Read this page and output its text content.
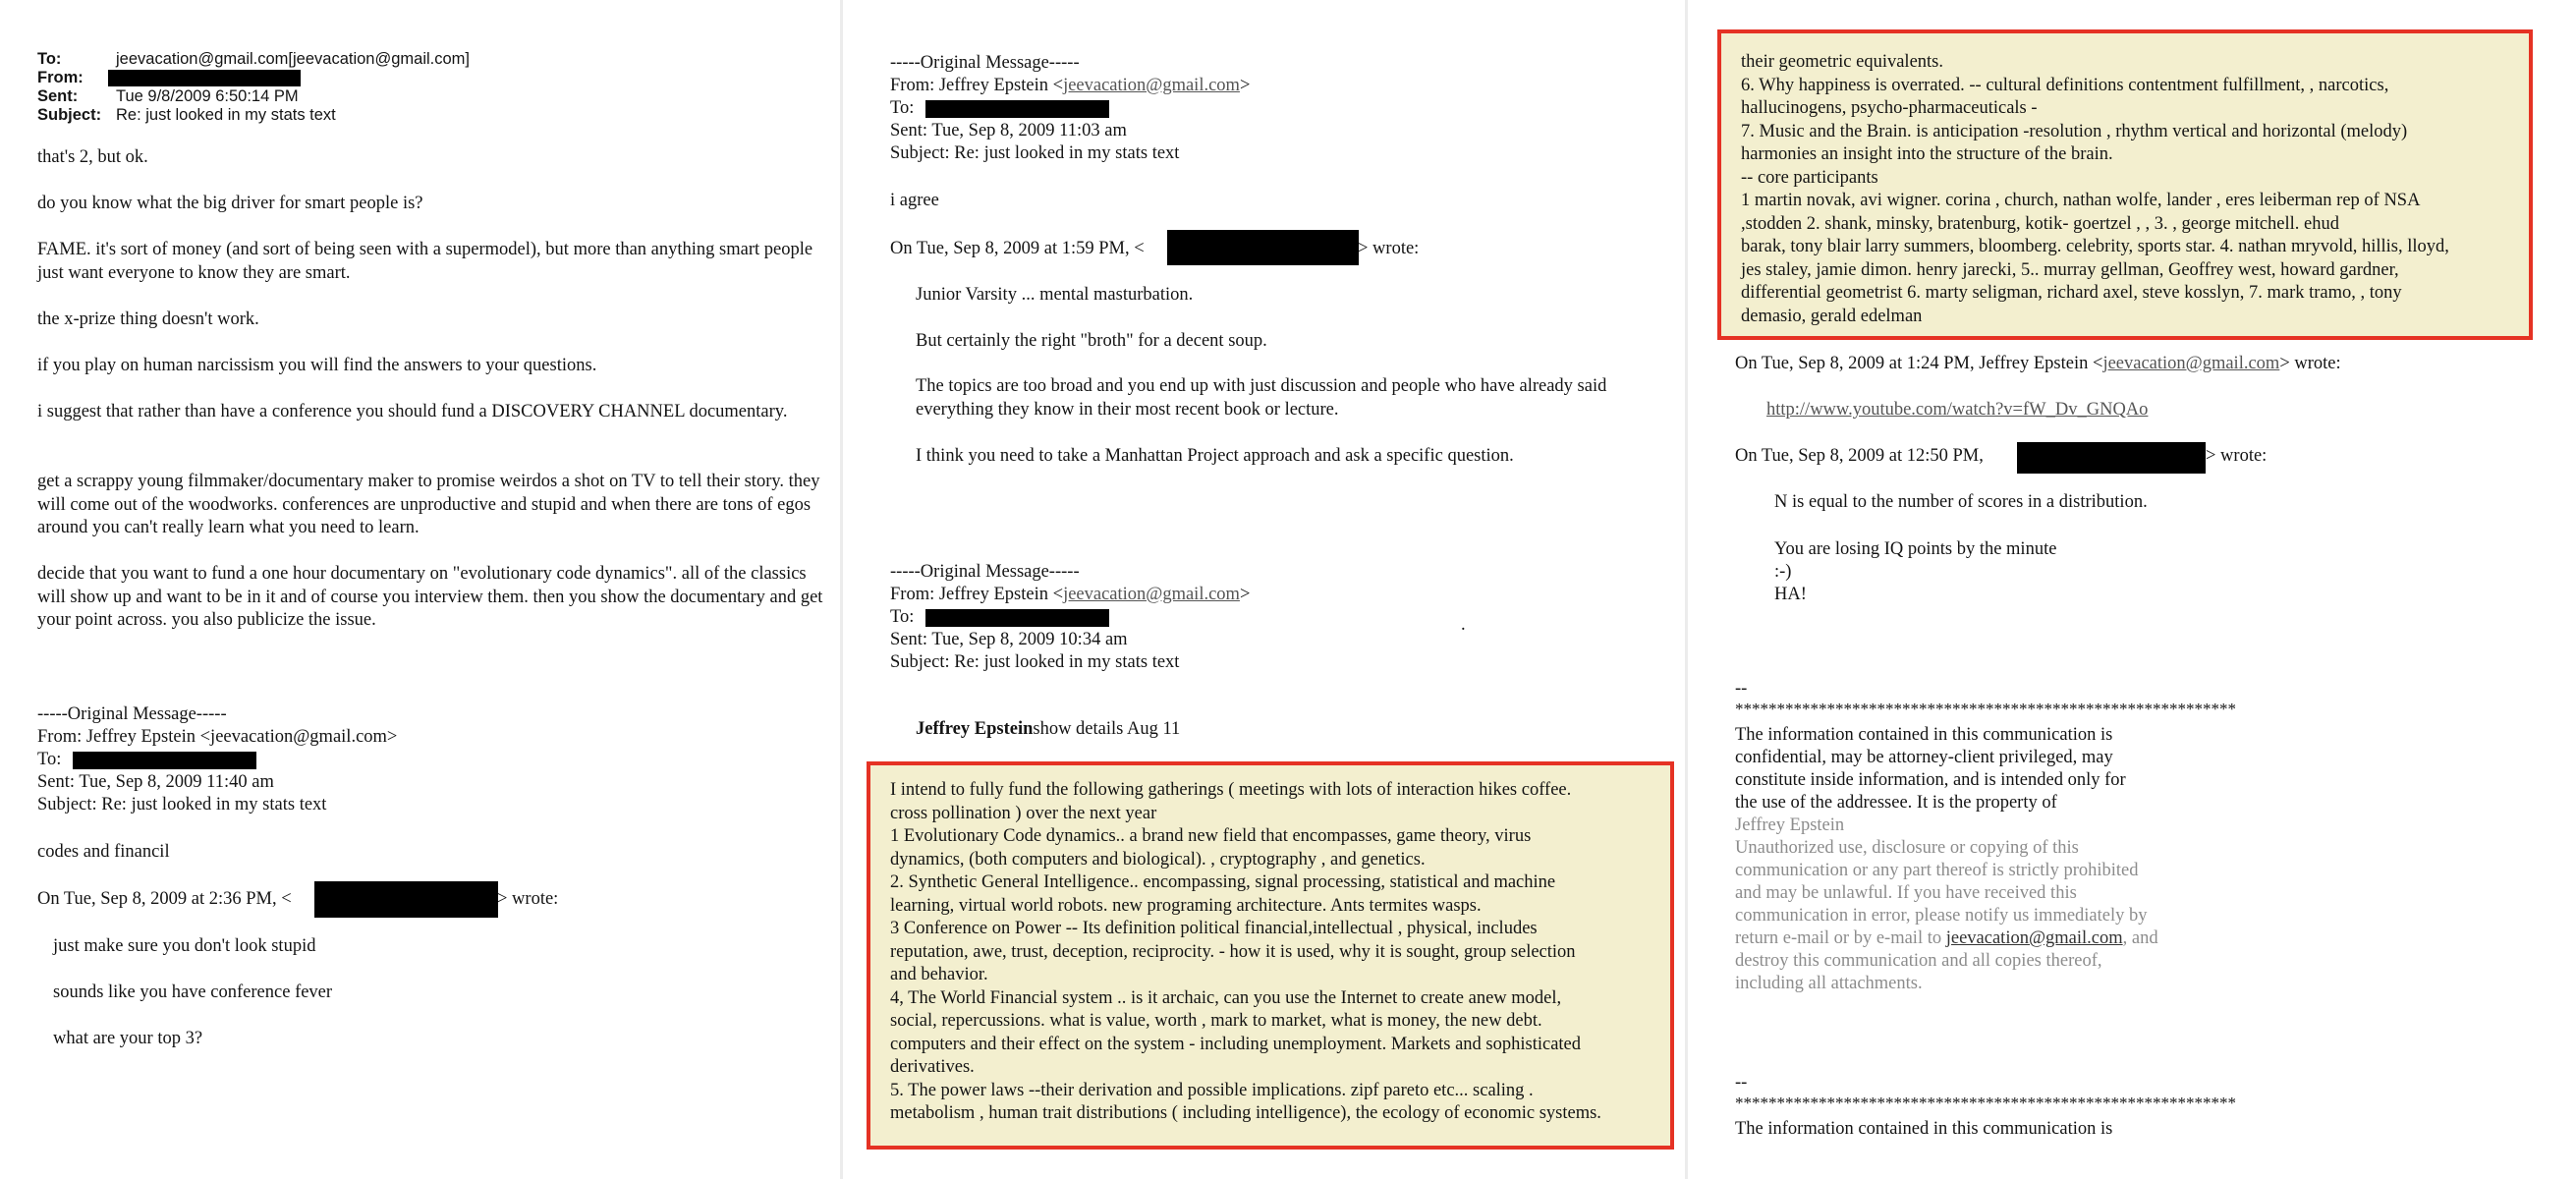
To:	jeevacation@gmail.com[jeevacation@gmail.com]
From:
Sent: Tue 9/8/2009 6:50:14 PM
Subject: Re: just looked in my stats text
that's 2, but ok.
do you know what the big driver for smart people is?
FAME. it's sort of money (and sort of being seen with a supermodel), but more than anything smart people just want everyone to know they are smart.
the x-prize thing doesn't work.
if you play on human narcissism you will find the answers to your questions.
i suggest that rather than have a conference you should fund a DISCOVERY CHANNEL documentary.
get a scrappy young filmmaker/documentary maker to promise weirdos a shot on TV to tell their story. they will come out of the woodworks. conferences are unproductive and stupid and when there are tons of egos around you can't really learn what you need to learn.
decide that you want to fund a one hour documentary on "evolutionary code dynamics". all of the classics will show up and want to be in it and of course you interview them. then you show the documentary and get your point across. you also publicize the issue.
-----Original Message-----
From: Jeffrey Epstein <jeevacation@gmail.com>
To:
Sent: Tue, Sep 8, 2009 11:40 am
Subject: Re: just looked in my stats text
codes and financil
On Tue, Sep 8, 2009 at 2:36 PM, <	> wrote:
just make sure you don't look stupid
sounds like you have conference fever
what are your top 3?
-----Original Message-----
From: Jeffrey Epstein <jeevacation@gmail.com>
To:
Sent: Tue, Sep 8, 2009 11:03 am
Subject: Re: just looked in my stats text
i agree
On Tue, Sep 8, 2009 at 1:59 PM, <	> wrote:
Junior Varsity ... mental masturbation.
But certainly the right "broth" for a decent soup.
The topics are too broad and you end up with just discussion and people who have already said everything they know in their most recent book or lecture.
I think you need to take a Manhattan Project approach and ask a specific question.
-----Original Message-----
From: Jeffrey Epstein <jeevacation@gmail.com>
To:
Sent: Tue, Sep 8, 2009 10:34 am
.
Subject: Re: just looked in my stats text
Jeffrey Epsteinshow details Aug 11
I intend to fully fund the following gatherings ( meetings with lots of interaction hikes coffee.
cross pollination ) over the next year
1 Evolutionary Code dynamics.. a brand new field that encompasses, game theory, virus
dynamics, (both computers and biological). , cryptography , and genetics.
2. Synthetic General Intelligence.. encompassing, signal processing, statistical and machine
learning, virtual world robots. new programing architecture. Ants termites wasps.
3 Conference on Power -- Its definition political financial,intellectual , physical, includes
reputation, awe, trust, deception, reciprocity. - how it is used, why it is sought, group selection
and behavior.
4, The World Financial system .. is it archaic, can you use the Internet to create anew model,
social, repercussions. what is value, worth , mark to market, what is money, the new debt.
computers and their effect on the system - including unemployment. Markets and sophisticated
derivatives.
5. The power laws --their derivation and possible implications. zipf pareto etc... scaling .
metabolism , human trait distributions ( including intelligence), the ecology of economic systems.
their geometric equivalents.
6. Why happiness is overrated. -- cultural definitions contentment fulfillment, , narcotics,
hallucinogens, psycho-pharmaceuticals -
7. Music and the Brain. is anticipation -resolution , rhythm vertical and horizontal (melody)
harmonies an insight into the structure of the brain.
-- core participants
1 martin novak, avi wigner. corina , church, nathan wolfe, lander , eres leiberman rep of NSA
,stodden 2. shank, minsky, bratenburg, kotik- goertzel , , 3. , george mitchell. ehud
barak, tony blair larry summers, bloomberg. celebrity, sports star. 4. nathan mryvold, hillis, lloyd,
jes staley, jamie dimon. henry jarecki, 5.. murray gellman, Geoffrey west, howard gardner,
differential geometrist 6. marty seligman, richard axel, steve kosslyn, 7. mark tramo, , tony
demasio, gerald edelman
On Tue, Sep 8, 2009 at 1:24 PM, Jeffrey Epstein <jeevacation@gmail.com> wrote:
http://www.youtube.com/watch?v=fW_Dv_GNQAo
On Tue, Sep 8, 2009 at 12:50 PM,	> wrote:
N is equal to the number of scores in a distribution.
You are losing IQ points by the minute
:-)
HA!
--
************************************************************
The information contained in this communication is
confidential, may be attorney-client privileged, may
constitute inside information, and is intended only for
the use of the addressee. It is the property of
Jeffrey Epstein
Unauthorized use, disclosure or copying of this
communication or any part thereof is strictly prohibited
and may be unlawful. If you have received this
communication in error, please notify us immediately by
return e-mail or by e-mail to jeevacation@gmail.com, and
destroy this communication and all copies thereof,
including all attachments.
--
************************************************************
The information contained in this communication is
